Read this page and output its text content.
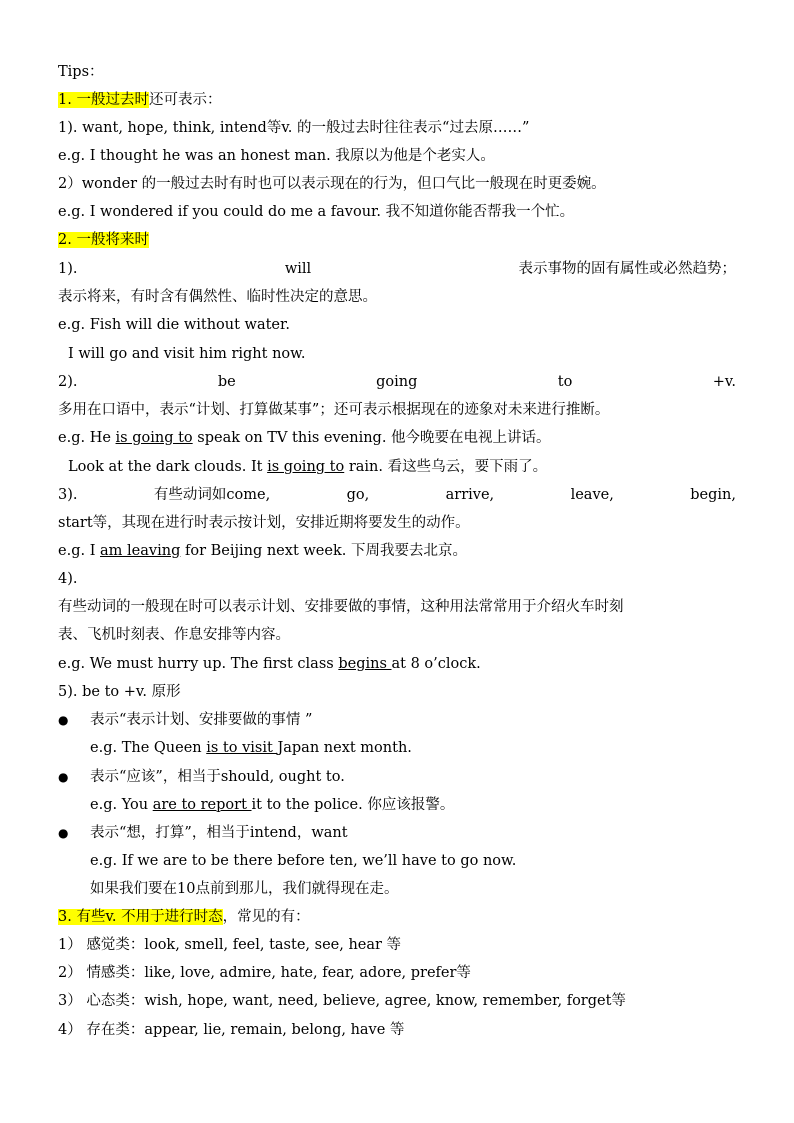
Tips：
1. 一般过去时还可表示：
1). want, hope, think, intend等v. 的一般过去时往往表示“过去原……”
e.g. I thought he was an honest man. 我原以为他是个老实人。
2）wonder 的一般过去时有时也可以表示现在的行为，但口气比一般现在时更委婉。
e.g. I wondered if you could do me a favour. 我不知道你能否帮我一个忙。
2. 一般将来时
1).	will	表示事物的固有属性或必然趋势；
表示将来，有时含有偶然性、临时性决定的意思。
e.g. Fish will die without water.
I will go and visit him right now.
2).	be	going	to	+v.
多用在口语中，表示“计划、打算做某事”；还可表示根据现在的迹象对未来进行推断。
e.g. He is going to speak on TV this evening. 他今晚要在电视上讲话。
Look at the dark clouds. It is going to rain. 看这些乌云，要下雨了。
3).	有些动词如come,	go,	arrive,	leave,	begin,
start等，其现在进行时表示按计划，安排近期将要发生的动作。
e.g. I am leaving for Beijing next week. 下周我要去北京。
4).
有些动词的一般现在时可以表示计划、安排要做的事情，这种用法常常用于介绍火车时刻
表、飞机时刻表、作息安排等内容。
e.g. We must hurry up. The first class begins at 8 o’clock.
5). be to +v. 原形
● 表示“表示计划、安排要做的事情 ”
e.g. The Queen is to visit Japan next month.
● 表示“应该”，相当于should, ought to.
e.g. You are to report it to the police. 你应该报警。
● 表示“想，打算”，相当于intend，want
e.g. If we are to be there before ten, we’ll have to go now.
如果我们要在10点前到那儿，我们就得现在走。
3. 有些v. 不用于进行时态，常见的有：
1） 感觉类：look, smell, feel, taste, see, hear 等
2） 情感类：like, love, admire, hate, fear, adore, prefer等
3） 心态类：wish, hope, want, need, believe, agree, know, remember, forget等
4） 存在类：appear, lie, remain, belong, have 等
